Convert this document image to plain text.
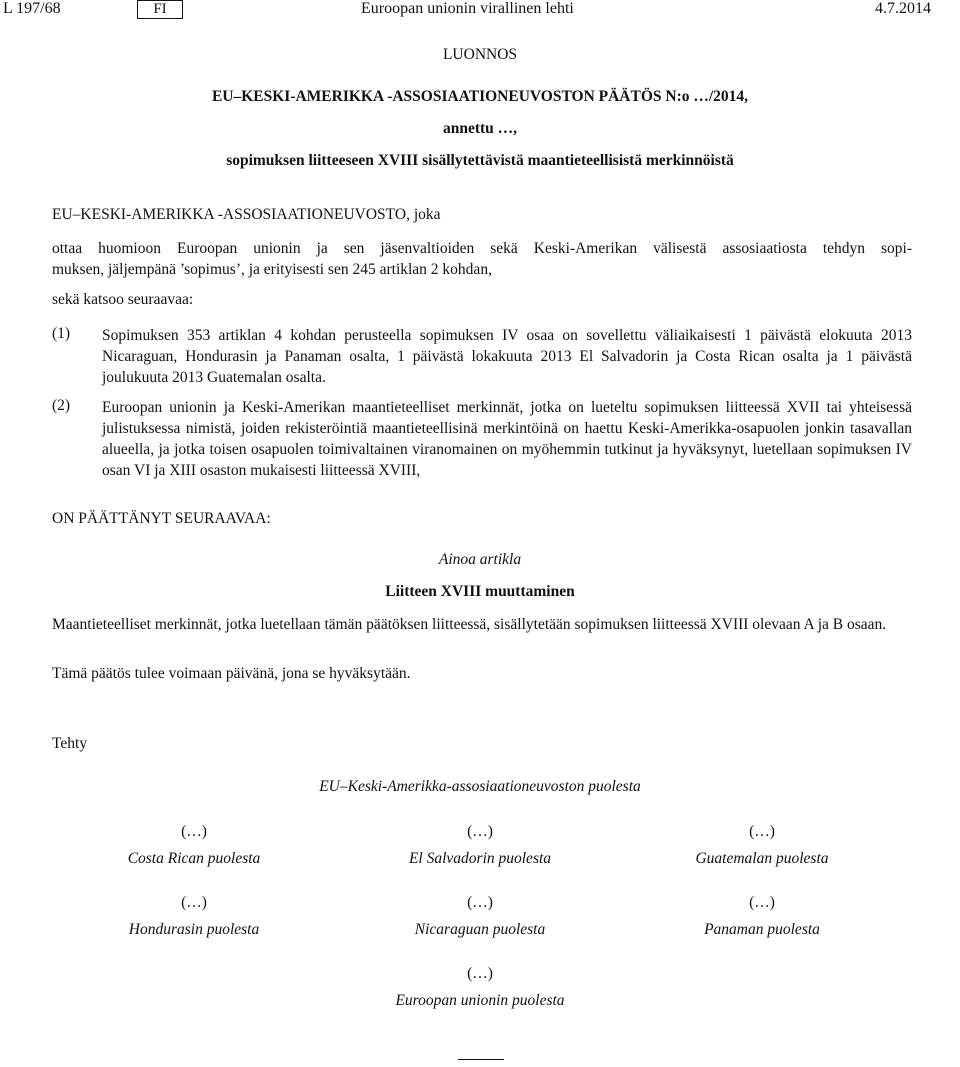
L 197/68	FI	Euroopan unionin virallinen lehti	4.7.2014
LUONNOS
EU–KESKI-AMERIKKA -ASSOSIAATIONEUVOSTON PÄÄTÖS N:o …/2014,
annettu …,
sopimuksen liitteeseen XVIII sisällytettävistä maantieteellisistä merkinnöistä
EU–KESKI-AMERIKKA -ASSOSIAATIONEUVOSTO, joka
ottaa huomioon Euroopan unionin ja sen jäsenvaltioiden sekä Keski-Amerikan välisestä assosiaatiosta tehdyn sopi-
muksen, jäljempänä ’sopimus’, ja erityisesti sen 245 artiklan 2 kohdan,
sekä katsoo seuraavaa:
(1) Sopimuksen 353 artiklan 4 kohdan perusteella sopimuksen IV osaa on sovellettu väliaikaisesti 1 päivästä elokuuta 2013 Nicaraguan, Hondurasin ja Panaman osalta, 1 päivästä lokakuuta 2013 El Salvadorin ja Costa Rican osalta ja 1 päivästä joulukuuta 2013 Guatemalan osalta.
(2) Euroopan unionin ja Keski-Amerikan maantieteelliset merkinnät, jotka on lueteltu sopimuksen liitteessä XVII tai yhteisessä julistuksessa nimistä, joiden rekisteröintiä maantieteellisinä merkintöinä on haettu Keski-Amerikka-osapuolen jonkin tasavallan alueella, ja jotka toisen osapuolen toimivaltainen viranomainen on myöhemmin tutkinut ja hyväksynyt, luetellaan sopimuksen IV osan VI ja XIII osaston mukaisesti liitteessä XVIII,
ON PÄÄTTÄNYT SEURAAVAA:
Ainoa artikla
Liitteen XVIII muuttaminen
Maantieteelliset merkinnät, jotka luetellaan tämän päätöksen liitteessä, sisällytetään sopimuksen liitteessä XVIII olevaan A ja B osaan.
Tämä päätös tulee voimaan päivänä, jona se hyväksytään.
Tehty
EU–Keski-Amerikka-assosiaationeuvoston puolesta
(…)	(…)	(…)
Costa Rican puolesta	El Salvadorin puolesta	Guatemalan puolesta
(…)	(…)	(…)
Hondurasin puolesta	Nicaraguan puolesta	Panaman puolesta
(…)
Euroopan unionin puolesta
